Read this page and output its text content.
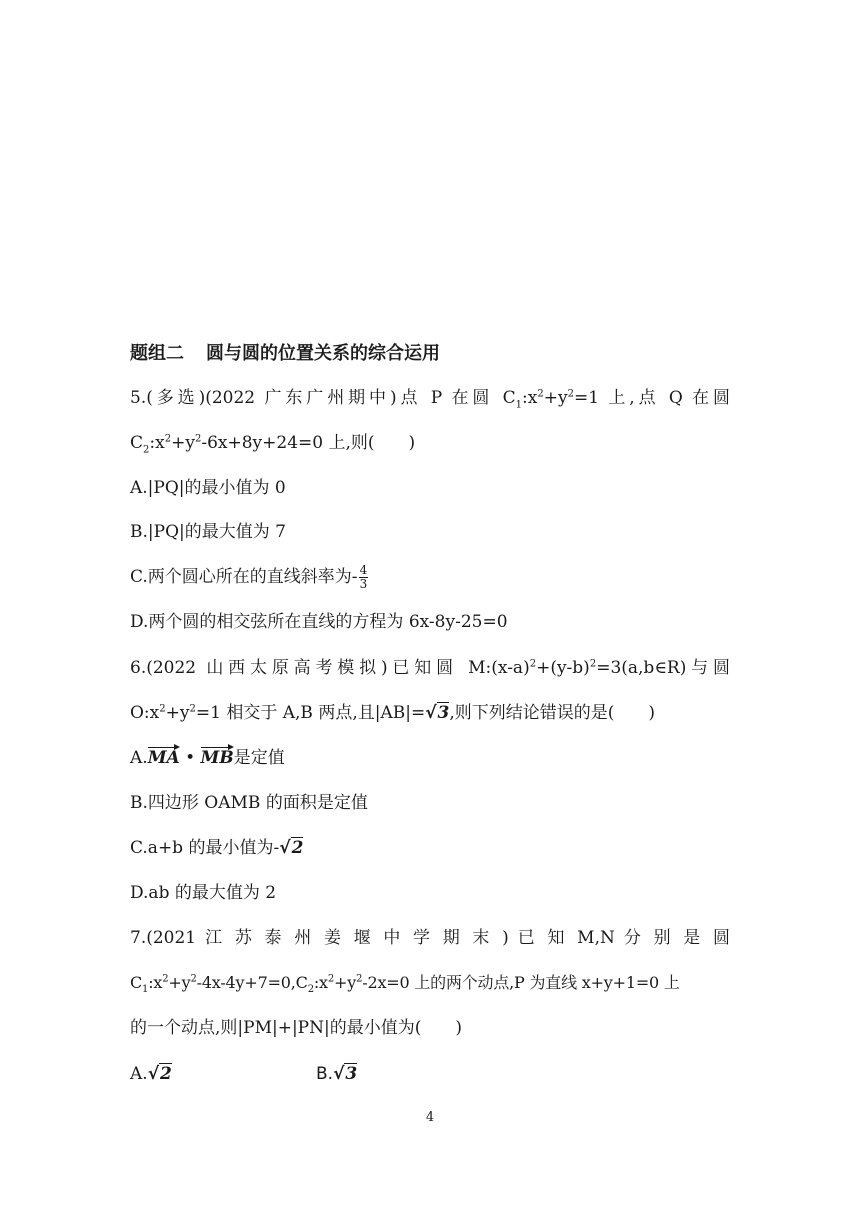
题组二 圆与圆的位置关系的综合运用
5.(多选)(2022 广东广州期中)点 P 在圆 $C_1:x^2+y^2=1$ 上,点 Q 在圆
$C_2:x^2+y^2-6x+8y+24=0$ 上,则(　　)
A.|PQ|的最小值为 0
B.|PQ|的最大值为 7
C.两个圆心所在的直线斜率为- $\frac{4}{3}$
D.两个圆的相交弦所在直线的方程为 6x-8y-25=0
6.(2022 山西太原高考模拟)已知圆 $M:(x-a)^2+(y-b)^2=3(a,b\in R)$与圆
$O:x^2+y^2=1$ 相交于 A,B 两点,且|AB|=√3,则下列结论错误的是(　　)
A.MA • MB是定值
B.四边形 OAMB 的面积是定值
C.a+b 的最小值为-√2
D.ab 的最大值为 2
7.(2021 江 苏 泰 州 姜 堰 中 学 期 末 ) 已 知 M,N 分 别 是 圆
$C_1:x^2+y^2-4x-4y+7=0,C_2:x^2+y^2-2x=0$ 上的两个动点,P 为直线 x+y+1=0 上
的一个动点,则|PM|+|PN|的最小值为(　　)
A.√2	B.√3
4
